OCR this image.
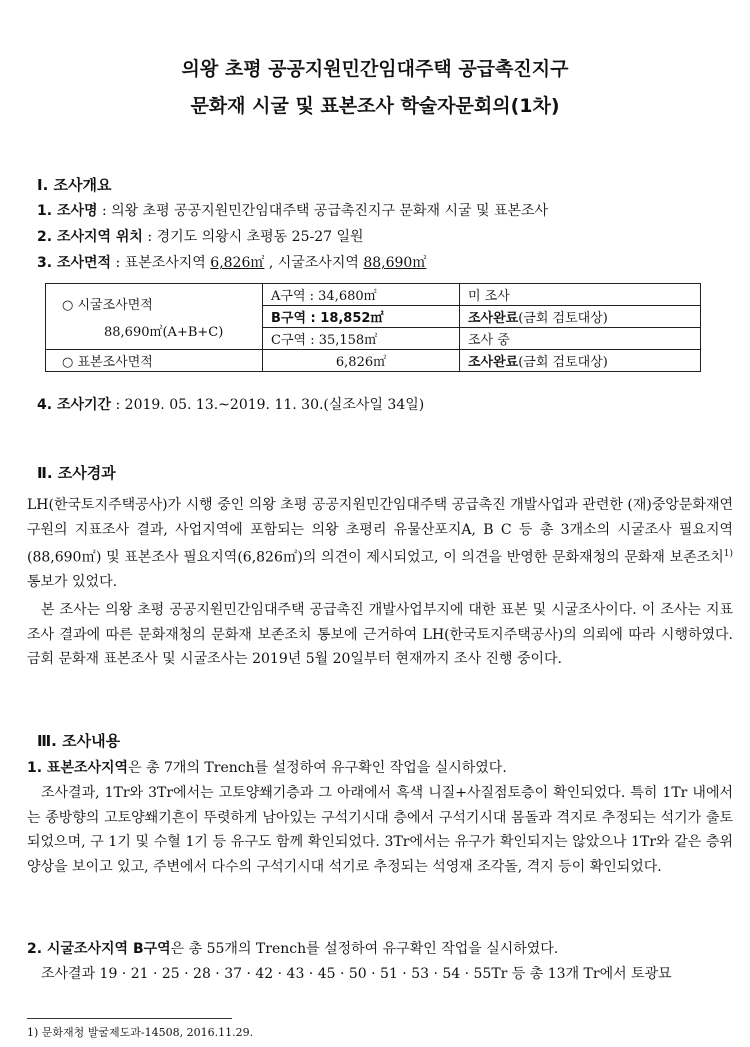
의왕 초평 공공지원민간임대주택 공급촉진지구
문화재 시굴 및 표본조사 학술자문회의(1차)
Ⅰ. 조사개요
1. 조사명 : 의왕 초평 공공지원민간임대주택 공급촉진지구 문화재 시굴 및 표본조사
2. 조사지역 위치 : 경기도 의왕시 초평동 25-27 일원
3. 조사면적 : 표본조사지역 6,826㎡ , 시굴조사지역 88,690㎡
○ 시굴조사면적
88,690㎡(A+B+C)	A구역 : 34,680㎡	미 조사
	B구역 : 18,852㎡	조사완료(금회 검토대상)
	C구역 : 35,158㎡	조사 중
○ 표본조사면적	6,826㎡	조사완료(금회 검토대상)
4. 조사기간 : 2019. 05. 13.~2019. 11. 30.(실조사일 34일)
Ⅱ. 조사경과
LH(한국토지주택공사)가 시행 중인 의왕 초평 공공지원민간임대주택 공급촉진 개발사업과 관련한 (재)중앙문화재연구원의 지표조사 결과, 사업지역에 포함되는 의왕 초평리 유물산포지A, B C 등 총 3개소의 시굴조사 필요지역(88,690㎡) 및 표본조사 필요지역(6,826㎡)의 의견이 제시되었고, 이 의견을 반영한 문화재청의 문화재 보존조치$^{1)}$ 통보가 있었다.
본 조사는 의왕 초평 공공지원민간임대주택 공급촉진 개발사업부지에 대한 표본 및 시굴조사이다. 이 조사는 지표조사 결과에 따른 문화재청의 문화재 보존조치 통보에 근거하여 LH(한국토지주택공사)의 의뢰에 따라 시행하였다. 금회 문화재 표본조사 및 시굴조사는 2019년 5월 20일부터 현재까지 조사 진행 중이다.
Ⅲ. 조사내용
1. 표본조사지역은 총 7개의 Trench를 설정하여 유구확인 작업을 실시하였다.
조사결과, 1Tr와 3Tr에서는 고토양쐐기층과 그 아래에서 흑색 니질+사질점토층이 확인되었다. 특히 1Tr 내에서는 종방향의 고토양쐐기흔이 뚜렷하게 남아있는 구석기시대 층에서 구석기시대 몸돌과 격지로 추정되는 석기가 출토되었으며, 구 1기 및 수혈 1기 등 유구도 함께 확인되었다. 3Tr에서는 유구가 확인되지는 않았으나 1Tr와 같은 층위 양상을 보이고 있고, 주변에서 다수의 구석기시대 석기로 추정되는 석영재 조각돌, 격지 등이 확인되었다.
2. 시굴조사지역 B구역은 총 55개의 Trench를 설정하여 유구확인 작업을 실시하였다.
조사결과 19 · 21 · 25 · 28 · 37 · 42 · 43 · 45 · 50 · 51 · 53 · 54 · 55Tr 등 총 13개 Tr에서 토광묘
1) 문화재청 발굴제도과-14508, 2016.11.29.
